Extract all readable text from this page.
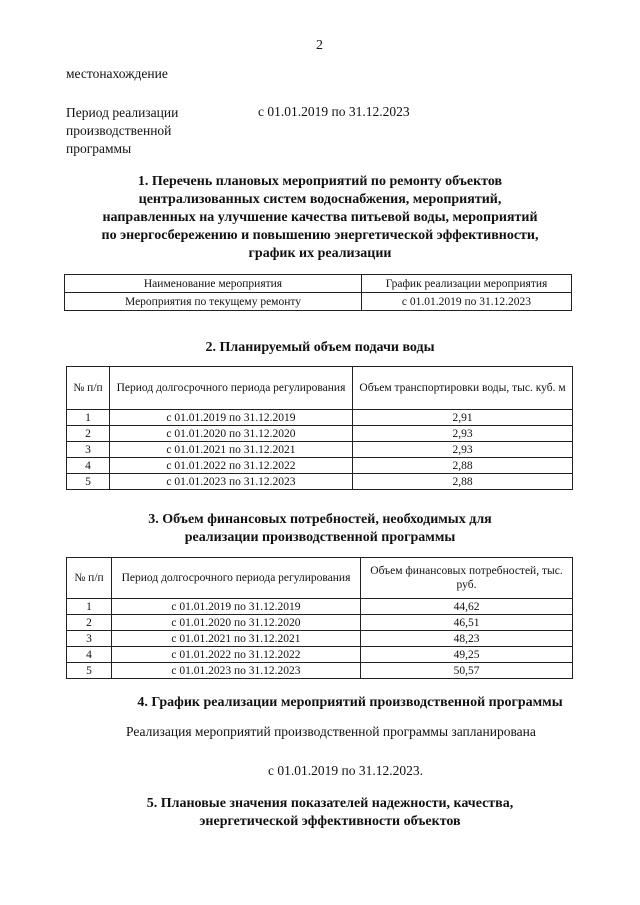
2
местонахождение
Период реализации производственной программы
с 01.01.2019 по 31.12.2023
1. Перечень плановых мероприятий по ремонту объектов централизованных систем водоснабжения, мероприятий, направленных на улучшение качества питьевой воды, мероприятий по энергосбережению и повышению энергетической эффективности, график их реализации
Наименование мероприятия	График реализации мероприятия
Мероприятия по текущему ремонту	с 01.01.2019 по 31.12.2023
2. Планируемый объем подачи воды
№ п/п	Период долгосрочного периода регулирования	Объем транспортировки воды, тыс. куб. м
1	с 01.01.2019 по 31.12.2019	2,91
2	с 01.01.2020 по 31.12.2020	2,93
3	с 01.01.2021 по 31.12.2021	2,93
4	с 01.01.2022 по 31.12.2022	2,88
5	с 01.01.2023 по 31.12.2023	2,88
3. Объем финансовых потребностей, необходимых для реализации производственной программы
№ п/п	Период долгосрочного периода регулирования	Объем финансовых потребностей, тыс. руб.
1	с 01.01.2019 по 31.12.2019	44,62
2	с 01.01.2020 по 31.12.2020	46,51
3	с 01.01.2021 по 31.12.2021	48,23
4	с 01.01.2022 по 31.12.2022	49,25
5	с 01.01.2023 по 31.12.2023	50,57
4. График реализации мероприятий производственной программы
Реализация мероприятий производственной программы запланирована
с 01.01.2019 по 31.12.2023.
5. Плановые значения показателей надежности, качества, энергетической эффективности объектов
